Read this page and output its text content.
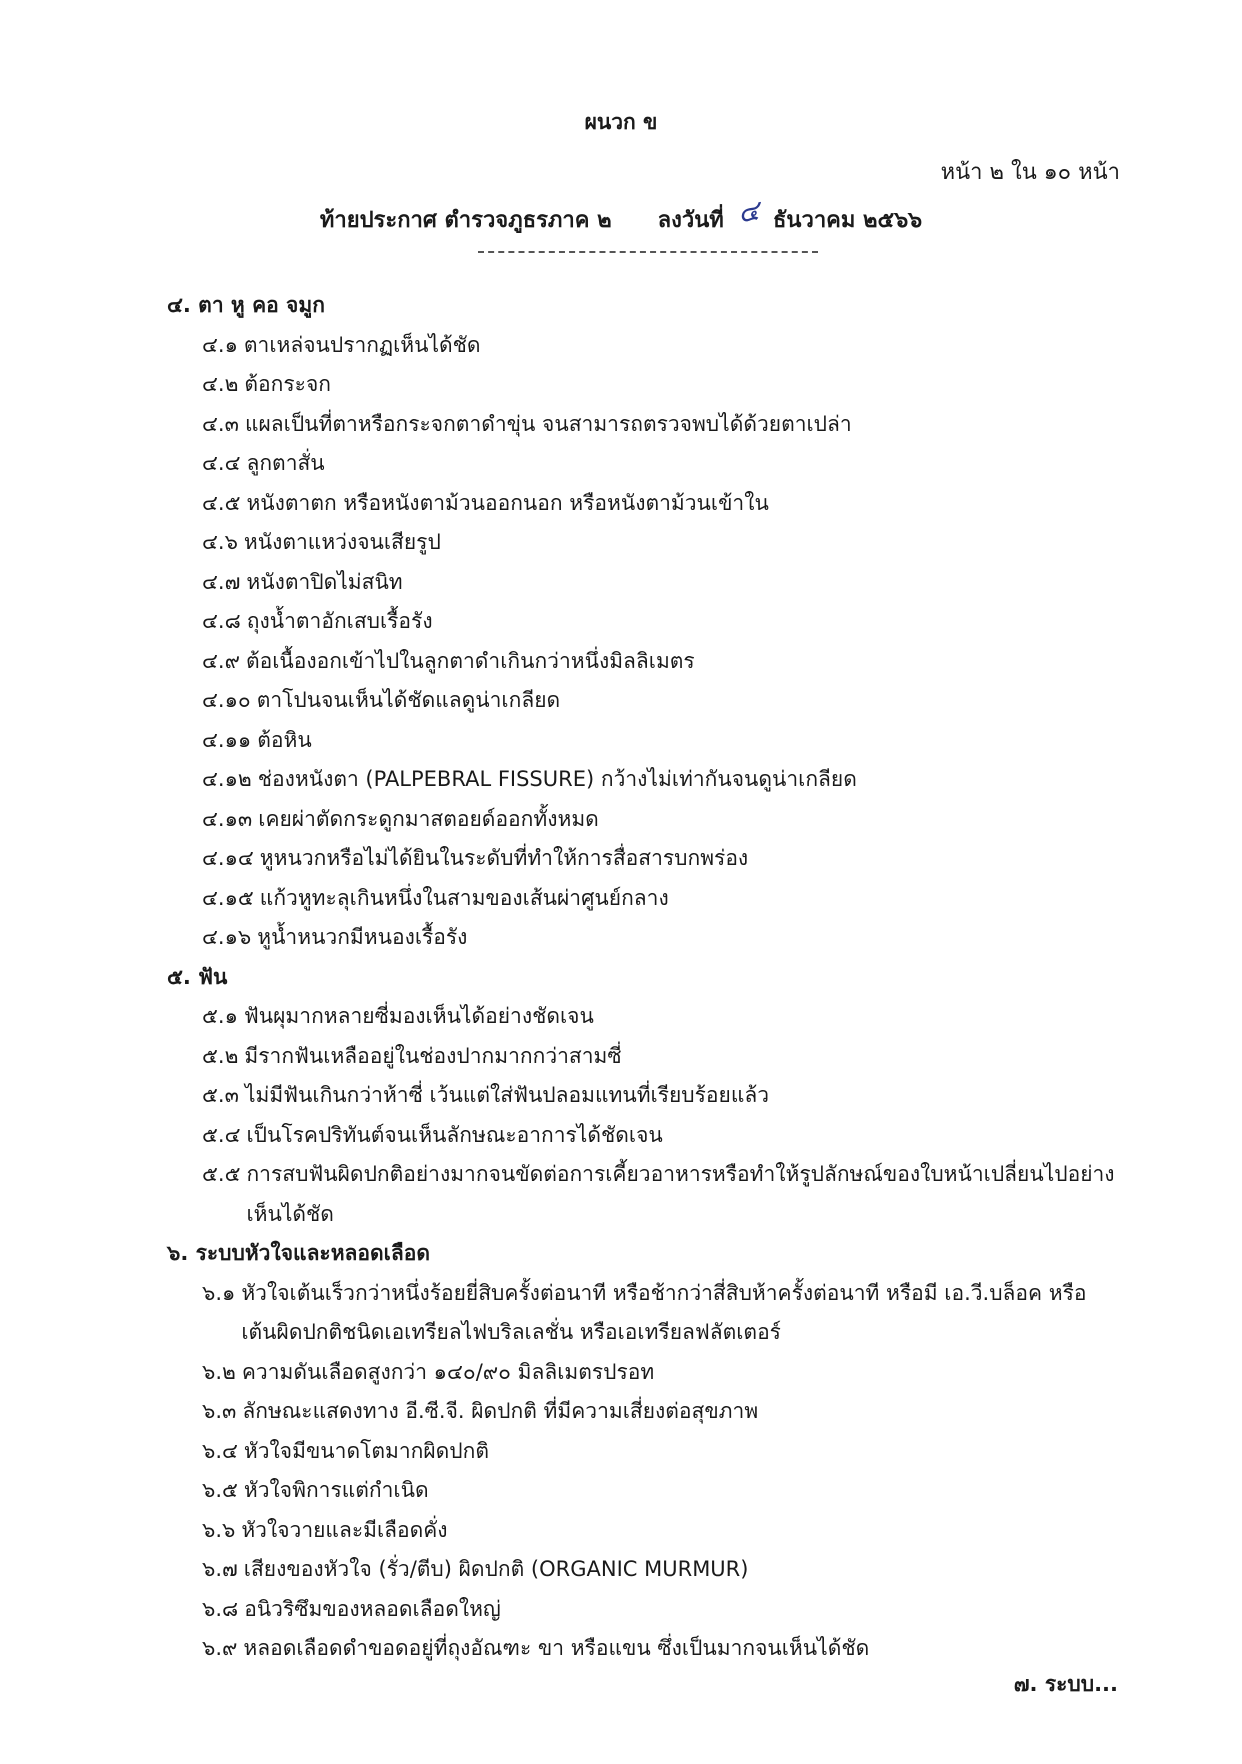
ผนวก ข
หน้า ๒ ใน ๑๐ หน้า
ท้ายประกาศ ตำรวจภูธรภาค ๒ ลงวันที่ ๔ ธันวาคม ๒๕๖๖
๔. ตา หู คอ จมูก
๔.๑ ตาเหล่จนปรากฏเห็นได้ชัด
๔.๒ ต้อกระจก
๔.๓ แผลเป็นที่ตาหรือกระจกตาดำขุ่น จนสามารถตรวจพบได้ด้วยตาเปล่า
๔.๔ ลูกตาสั่น
๔.๕ หนังตาตก หรือหนังตาม้วนออกนอก หรือหนังตาม้วนเข้าใน
๔.๖ หนังตาแหว่งจนเสียรูป
๔.๗ หนังตาปิดไม่สนิท
๔.๘ ถุงน้ำตาอักเสบเรื้อรัง
๔.๙ ต้อเนื้องอกเข้าไปในลูกตาดำเกินกว่าหนึ่งมิลลิเมตร
๔.๑๐ ตาโปนจนเห็นได้ชัดแลดูน่าเกลียด
๔.๑๑ ต้อหิน
๔.๑๒ ช่องหนังตา (PALPEBRAL FISSURE) กว้างไม่เท่ากันจนดูน่าเกลียด
๔.๑๓ เคยผ่าตัดกระดูกมาสตอยด์ออกทั้งหมด
๔.๑๔ หูหนวกหรือไม่ได้ยินในระดับที่ทำให้การสื่อสารบกพร่อง
๔.๑๕ แก้วหูทะลุเกินหนึ่งในสามของเส้นผ่าศูนย์กลาง
๔.๑๖ หูน้ำหนวกมีหนองเรื้อรัง
๕. ฟัน
๕.๑ ฟันผุมากหลายซี่มองเห็นได้อย่างชัดเจน
๕.๒ มีรากฟันเหลืออยู่ในช่องปากมากกว่าสามซี่
๕.๓ ไม่มีฟันเกินกว่าห้าซี่ เว้นแต่ใส่ฟันปลอมแทนที่เรียบร้อยแล้ว
๕.๔ เป็นโรคปริทันต์จนเห็นลักษณะอาการได้ชัดเจน
๕.๕ การสบฟันผิดปกติอย่างมากจนขัดต่อการเคี้ยวอาหารหรือทำให้รูปลักษณ์ของใบหน้าเปลี่ยนไปอย่างเห็นได้ชัด
๖. ระบบหัวใจและหลอดเลือด
๖.๑ หัวใจเต้นเร็วกว่าหนึ่งร้อยยี่สิบครั้งต่อนาที หรือช้ากว่าสี่สิบห้าครั้งต่อนาที หรือมี เอ.วี.บล็อค หรือเต้นผิดปกติชนิดเอเทรียลไฟบริลเลชั่น หรือเอเทรียลฟลัตเตอร์
๖.๒ ความดันเลือดสูงกว่า ๑๔๐/๙๐ มิลลิเมตรปรอท
๖.๓ ลักษณะแสดงทาง อี.ซี.จี. ผิดปกติ ที่มีความเสี่ยงต่อสุขภาพ
๖.๔ หัวใจมีขนาดโตมากผิดปกติ
๖.๕ หัวใจพิการแต่กำเนิด
๖.๖ หัวใจวายและมีเลือดคั่ง
๖.๗ เสียงของหัวใจ (รั่ว/ตีบ) ผิดปกติ (ORGANIC MURMUR)
๖.๘ อนิวริซึมของหลอดเลือดใหญ่
๖.๙ หลอดเลือดดำขอดอยู่ที่ถุงอัณฑะ ขา หรือแขน ซึ่งเป็นมากจนเห็นได้ชัด
๗. ระบบ...
